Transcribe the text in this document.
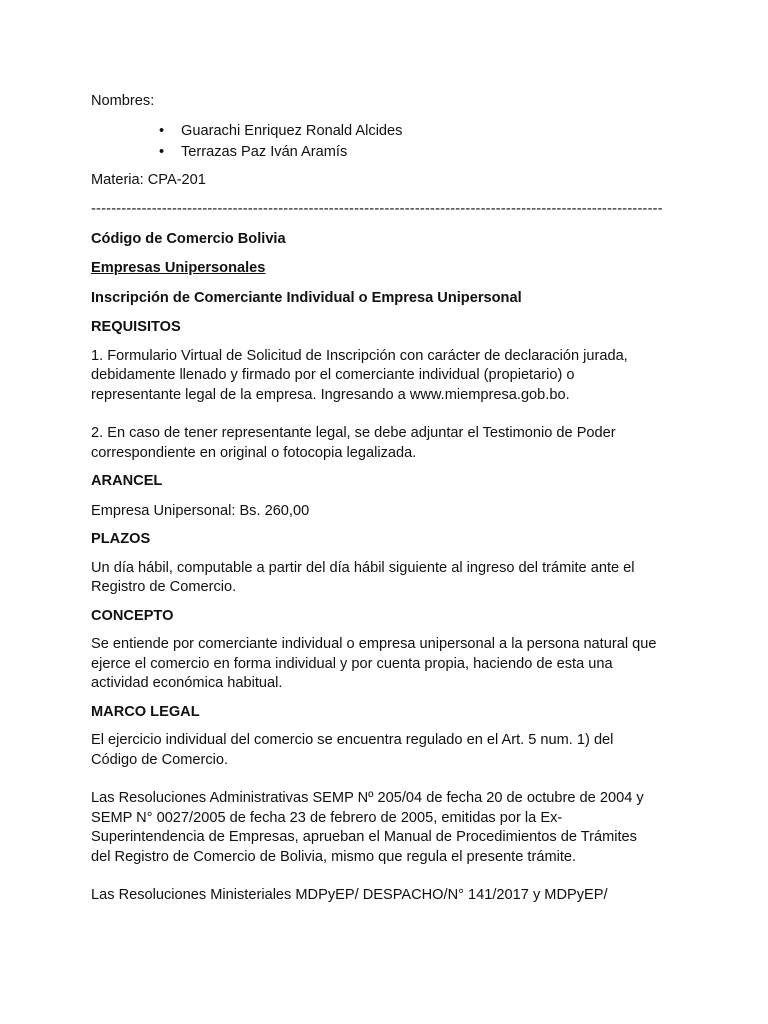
Nombres:

• Guarachi Enriquez Ronald Alcides
• Terrazas Paz Iván Aramís

Materia: CPA-201

-----------------------------------------------------------------------------------------------------------------

Código de Comercio Bolivia

Empresas Unipersonales

Inscripción de Comerciante Individual o Empresa Unipersonal

REQUISITOS

1. Formulario Virtual de Solicitud de Inscripción con carácter de declaración jurada,
debidamente llenado y firmado por el comerciante individual (propietario) o
representante legal de la empresa. Ingresando a www.miempresa.gob.bo.
2. En caso de tener representante legal, se debe adjuntar el Testimonio de Poder
correspondiente en original o fotocopia legalizada.

ARANCEL

Empresa Unipersonal: Bs. 260,00

PLAZOS

Un día hábil, computable a partir del día hábil siguiente al ingreso del trámite ante el
Registro de Comercio.

CONCEPTO

Se entiende por comerciante individual o empresa unipersonal a la persona natural que
ejerce el comercio en forma individual y por cuenta propia, haciendo de esta una
actividad económica habitual.

MARCO LEGAL

El ejercicio individual del comercio se encuentra regulado en el Art. 5 num. 1) del
Código de Comercio.
Las Resoluciones Administrativas SEMP Nº 205/04 de fecha 20 de octubre de 2004 y
SEMP N° 0027/2005 de fecha 23 de febrero de 2005, emitidas por la Ex-
Superintendencia de Empresas, aprueban el Manual de Procedimientos de Trámites
del Registro de Comercio de Bolivia, mismo que regula el presente trámite.
Las Resoluciones Ministeriales MDPyEP/ DESPACHO/N° 141/2017 y MDPyEP/
